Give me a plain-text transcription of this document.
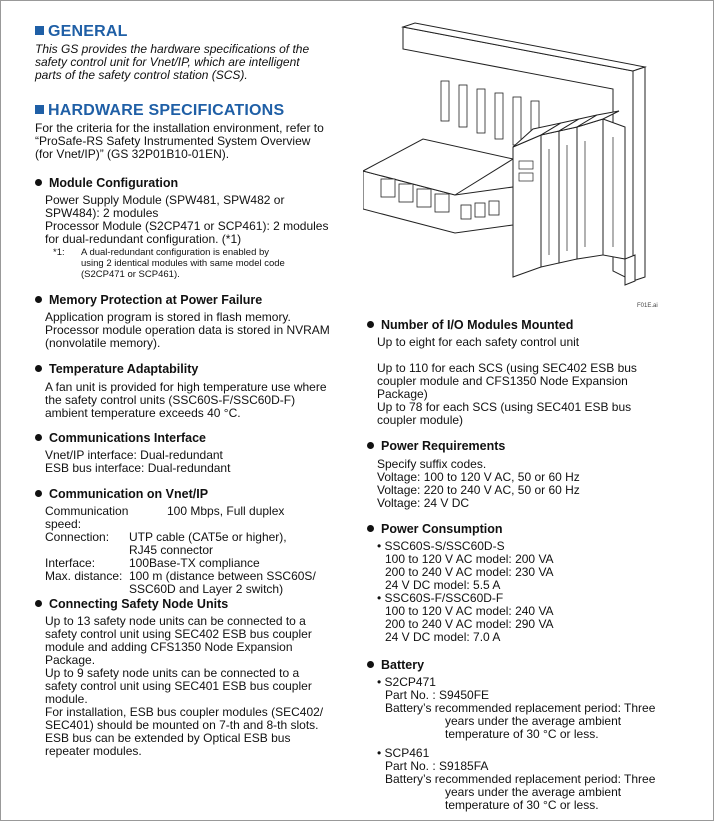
GENERAL
This GS provides the hardware specifications of the safety control unit for Vnet/IP, which are intelligent parts of the safety control station (SCS).
HARDWARE SPECIFICATIONS
For the criteria for the installation environment, refer to “ProSafe-RS Safety Instrumented System Overview (for Vnet/IP)” (GS 32P01B10-01EN).
Module Configuration
Power Supply Module (SPW481, SPW482 or
SPW484): 2 modules
Processor Module (S2CP471 or SCP461): 2 modules
for dual-redundant configuration. (*1)
*1:	A dual-redundant configuration is enabled by
using 2 identical modules with same model code
(S2CP471 or SCP461).
Memory Protection at Power Failure
Application program is stored in flash memory.
Processor module operation data is stored in NVRAM
(nonvolatile memory).
Temperature Adaptability
A fan unit is provided for high temperature use where
the safety control units (SSC60S-F/SSC60D-F)
ambient temperature exceeds 40 °C.
Communications Interface
Vnet/IP interface: Dual-redundant
ESB bus interface: Dual-redundant
Communication on Vnet/IP
Communication speed:
100 Mbps, Full duplex
Connection:	UTP cable (CAT5e or higher),
RJ45 connector
Interface:	100Base-TX compliance
Max. distance: 100 m (distance between SSC60S/
SSC60D and Layer 2 switch)
Connecting Safety Node Units
Up to 13 safety node units can be connected to a
safety control unit using SEC402 ESB bus coupler
module and adding CFS1350 Node Expansion
Package.
Up to 9 safety node units can be connected to a
safety control unit using SEC401 ESB bus coupler
module.
For installation, ESB bus coupler modules (SEC402/
SEC401) should be mounted on 7-th and 8-th slots.
ESB bus can be extended by Optical ESB bus
repeater modules.
F01E.ai
Number of I/O Modules Mounted
Up to eight for each safety control unit
Up to 110 for each SCS (using SEC402 ESB bus
coupler module and CFS1350 Node Expansion
Package)
Up to 78 for each SCS (using SEC401 ESB bus
coupler module)
Power Requirements
Specify suffix codes.
Voltage: 100 to 120 V AC, 50 or 60 Hz
Voltage: 220 to 240 V AC, 50 or 60 Hz
Voltage: 24 V DC
Power Consumption
• SSC60S-S/SSC60D-S
100 to 120 V AC model: 200 VA
200 to 240 V AC model: 230 VA
24 V DC model: 5.5 A
• SSC60S-F/SSC60D-F
100 to 120 V AC model: 240 VA
200 to 240 V AC model: 290 VA
24 V DC model: 7.0 A
Battery
• S2CP471
Part No. : S9450FE
Battery’s recommended replacement period: Three
years under the average ambient
temperature of 30 °C or less.
• SCP461
Part No. : S9185FA
Battery’s recommended replacement period: Three
years under the average ambient
temperature of 30 °C or less.
